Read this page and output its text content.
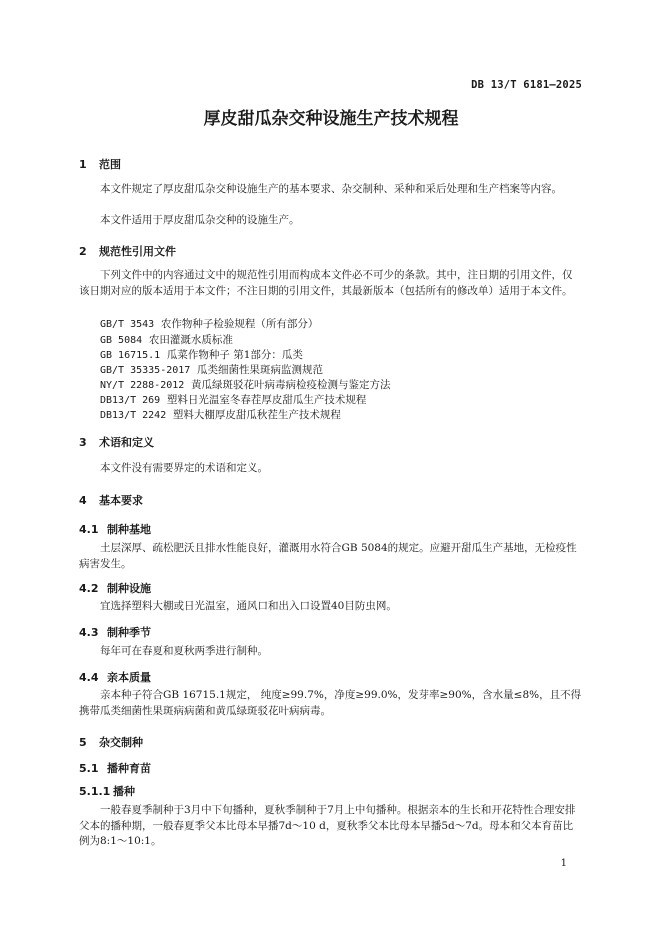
DB 13/T 6181—2025
厚皮甜瓜杂交种设施生产技术规程
1 范围

本文件规定了厚皮甜瓜杂交种设施生产的基本要求、杂交制种、采种和采后处理和生产档案等内容。

本文件适用于厚皮甜瓜杂交种的设施生产。

2 规范性引用文件

下列文件中的内容通过文中的规范性引用而构成本文件必不可少的条款。其中，注日期的引用文件，仅该日期对应的版本适用于本文件；不注日期的引用文件，其最新版本（包括所有的修改单）适用于本文件。

GB/T 3543 农作物种子检验规程（所有部分）
GB 5084 农田灌溉水质标准
GB 16715.1 瓜菜作物种子 第1部分：瓜类
GB/T 35335-2017 瓜类细菌性果斑病监测规范
NY/T 2288-2012 黄瓜绿斑驳花叶病毒病检疫检测与鉴定方法
DB13/T 269 塑料日光温室冬春茬厚皮甜瓜生产技术规程
DB13/T 2242 塑料大棚厚皮甜瓜秋茬生产技术规程
3 术语和定义

本文件没有需要界定的术语和定义。

4 基本要求
4.1 制种基地

土层深厚、疏松肥沃且排水性能良好，灌溉用水符合GB 5084的规定。应避开甜瓜生产基地，无检疫性病害发生。

4.2 制种设施

宜选择塑料大棚或日光温室，通风口和出入口设置40目防虫网。

4.3 制种季节

每年可在春夏和夏秋两季进行制种。

4.4 亲本质量

亲本种子符合GB 16715.1规定， 纯度≥99.7%，净度≥99.0%，发芽率≥90%，含水量≤8%，且不得携带瓜类细菌性果斑病病菌和黄瓜绿斑驳花叶病病毒。

5 杂交制种
5.1 播种育苗
5.1.1 播种

一般春夏季制种于3月中下旬播种，夏秋季制种于7月上中旬播种。根据亲本的生长和开花特性合理安排父本的播种期，一般春夏季父本比母本早播7d～10 d，夏秋季父本比母本早播5d～7d。母本和父本育苗比例为8:1～10:1。

1
